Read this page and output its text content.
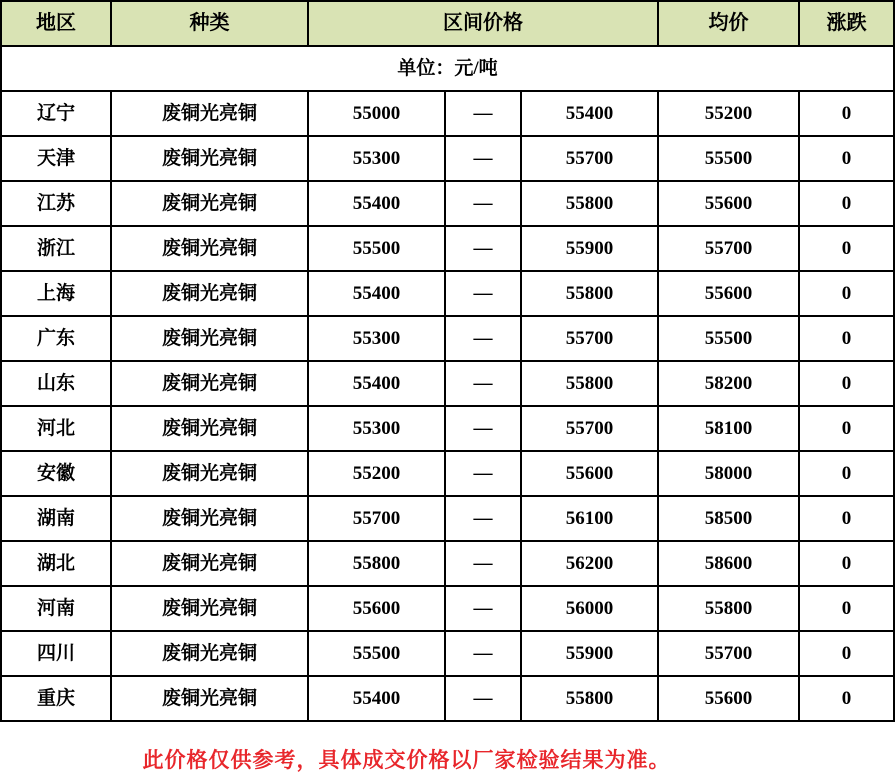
地区	种类	区间价格			均价	涨跌
单位：元/吨						
辽宁	废铜光亮铜	55000	—	55400	55200	0
天津	废铜光亮铜	55300	—	55700	55500	0
江苏	废铜光亮铜	55400	—	55800	55600	0
浙江	废铜光亮铜	55500	—	55900	55700	0
上海	废铜光亮铜	55400	—	55800	55600	0
广东	废铜光亮铜	55300	—	55700	55500	0
山东	废铜光亮铜	55400	—	55800	58200	0
河北	废铜光亮铜	55300	—	55700	58100	0
安徽	废铜光亮铜	55200	—	55600	58000	0
湖南	废铜光亮铜	55700	—	56100	58500	0
湖北	废铜光亮铜	55800	—	56200	58600	0
河南	废铜光亮铜	55600	—	56000	55800	0
四川	废铜光亮铜	55500	—	55900	55700	0
重庆	废铜光亮铜	55400	—	55800	55600	0
此价格仅供参考，具体成交价格以厂家检验结果为准。
